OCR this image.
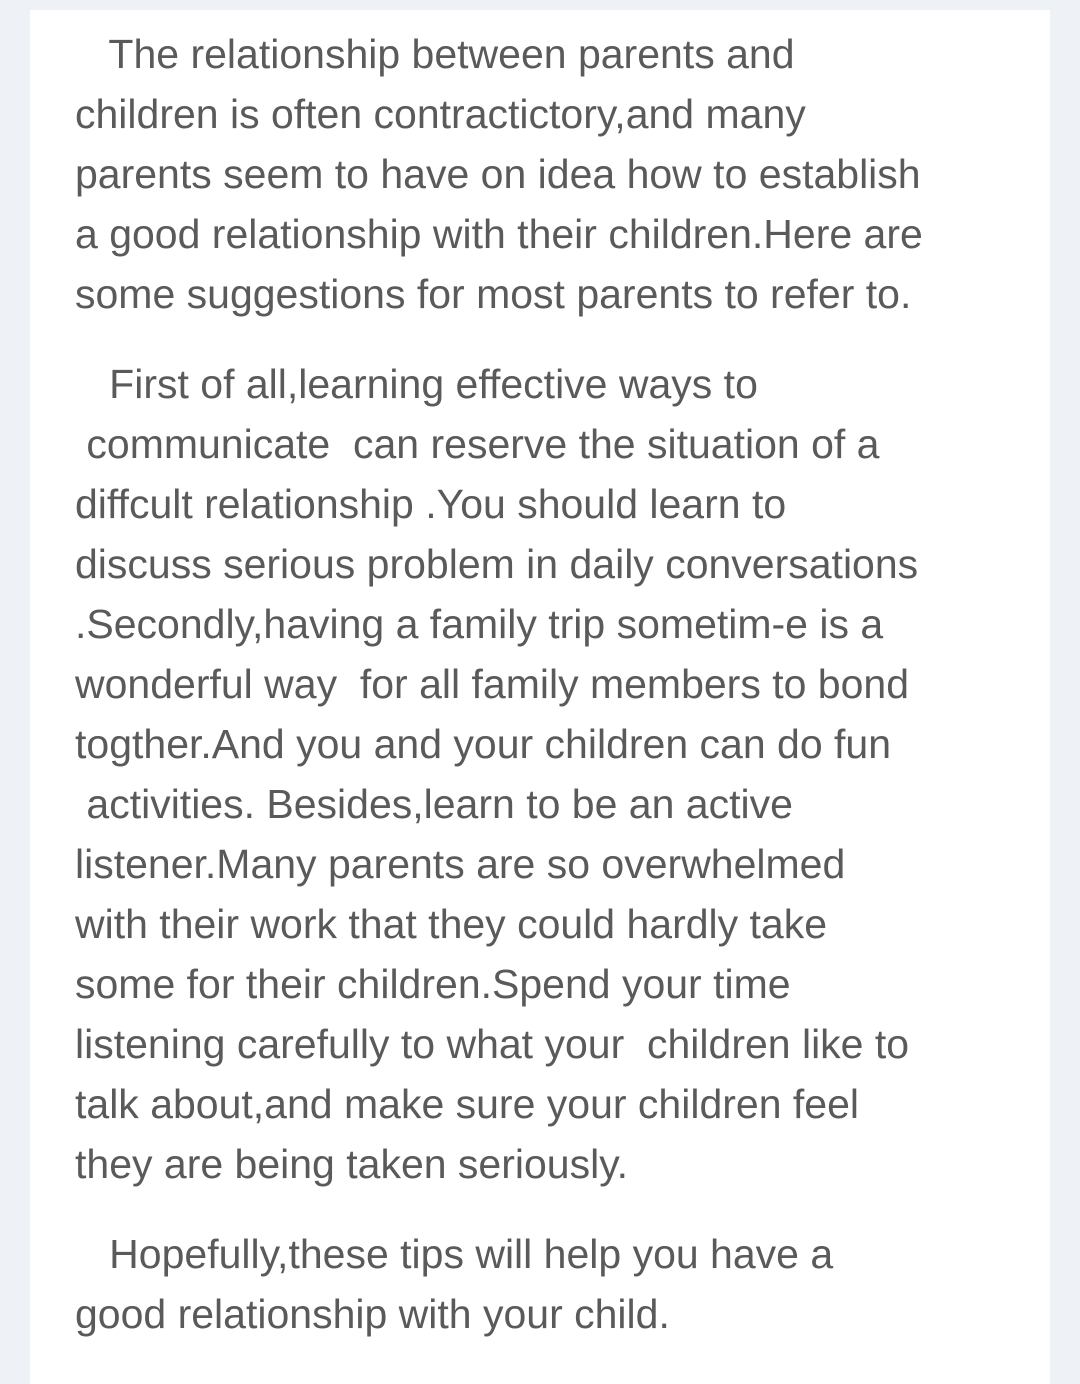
The relationship between parents and
children is often contractictory,and many
parents seem to have on idea how to establish
a good relationship with their children.Here are
some suggestions for most parents to refer to.

First of all,learning effective ways to
communicate  can reserve the situation of a
diffcult relationship .You should learn to
discuss serious problem in daily conversations
.Secondly,having a family trip sometim-e is a
wonderful way  for all family members to bond
togther.And you and your children can do fun
activities. Besides,learn to be an active
listener.Many parents are so overwhelmed
with their work that they could hardly take
some for their children.Spend your time
listening carefully to what your  children like to
talk about,and make sure your children feel
they are being taken seriously.

Hopefully,these tips will help you have a
good relationship with your child.
